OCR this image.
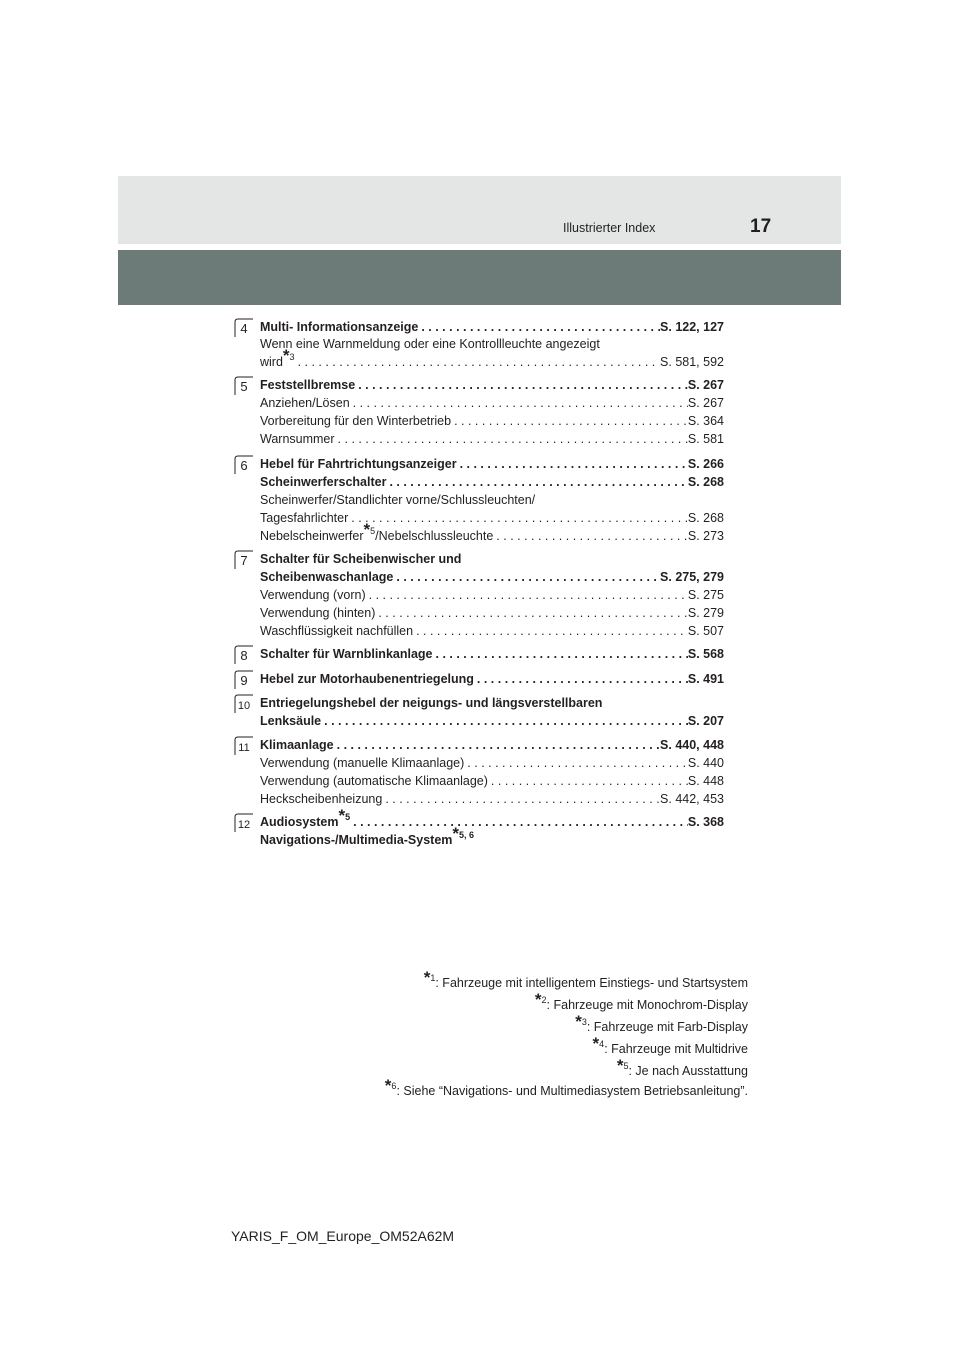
Illustrierter Index	17
4 Multi- Informationsanzeige . . .	S. 122, 127
Wenn eine Warnmeldung oder eine Kontrollleuchte angezeigt
wird*$^3$ . . .	S. 581, 592
5 Feststellbremse . . .	S. 267
Anziehen/Lösen . . .	S. 267
Vorbereitung für den Winterbetrieb . . .	S. 364
Warnsummer . . .	S. 581
6 Hebel für Fahrtrichtungsanzeiger . . .	S. 266
Scheinwerferschalter . . .	S. 268
Scheinwerfer/Standlichter vorne/Schlussleuchten/
Tagesfahrlichter . . .	S. 268
Nebelscheinwerfer*$^5$/Nebelschlussleuchte . . .	S. 273
7 Schalter für Scheibenwischer und
Scheibenwaschanlage . . .	S. 275, 279
Verwendung (vorn) . . .	S. 275
Verwendung (hinten) . . .	S. 279
Waschflüssigkeit nachfüllen . . .	S. 507
8 Schalter für Warnblinkanlage . . .	S. 568
9 Hebel zur Motorhaubenentriegelung . . .	S. 491
10 Entriegelungshebel der neigungs- und längsverstellbaren
Lenksäule . . .	S. 207
11 Klimaanlage . . .	S. 440, 448
Verwendung (manuelle Klimaanlage) . . .	S. 440
Verwendung (automatische Klimaanlage) . . .	S. 448
Heckscheibenheizung . . .	S. 442, 453
12 Audiosystem*$^5$ . . .	S. 368
Navigations-/Multimedia-System*$^{5, 6}$
*$^1$: Fahrzeuge mit intelligentem Einstiegs- und Startsystem
*$^2$: Fahrzeuge mit Monochrom-Display
*$^3$: Fahrzeuge mit Farb-Display
*$^4$: Fahrzeuge mit Multidrive
*$^5$: Je nach Ausstattung
*$^6$: Siehe “Navigations- und Multimediasystem Betriebsanleitung”.
YARIS_F_OM_Europe_OM52A62M
